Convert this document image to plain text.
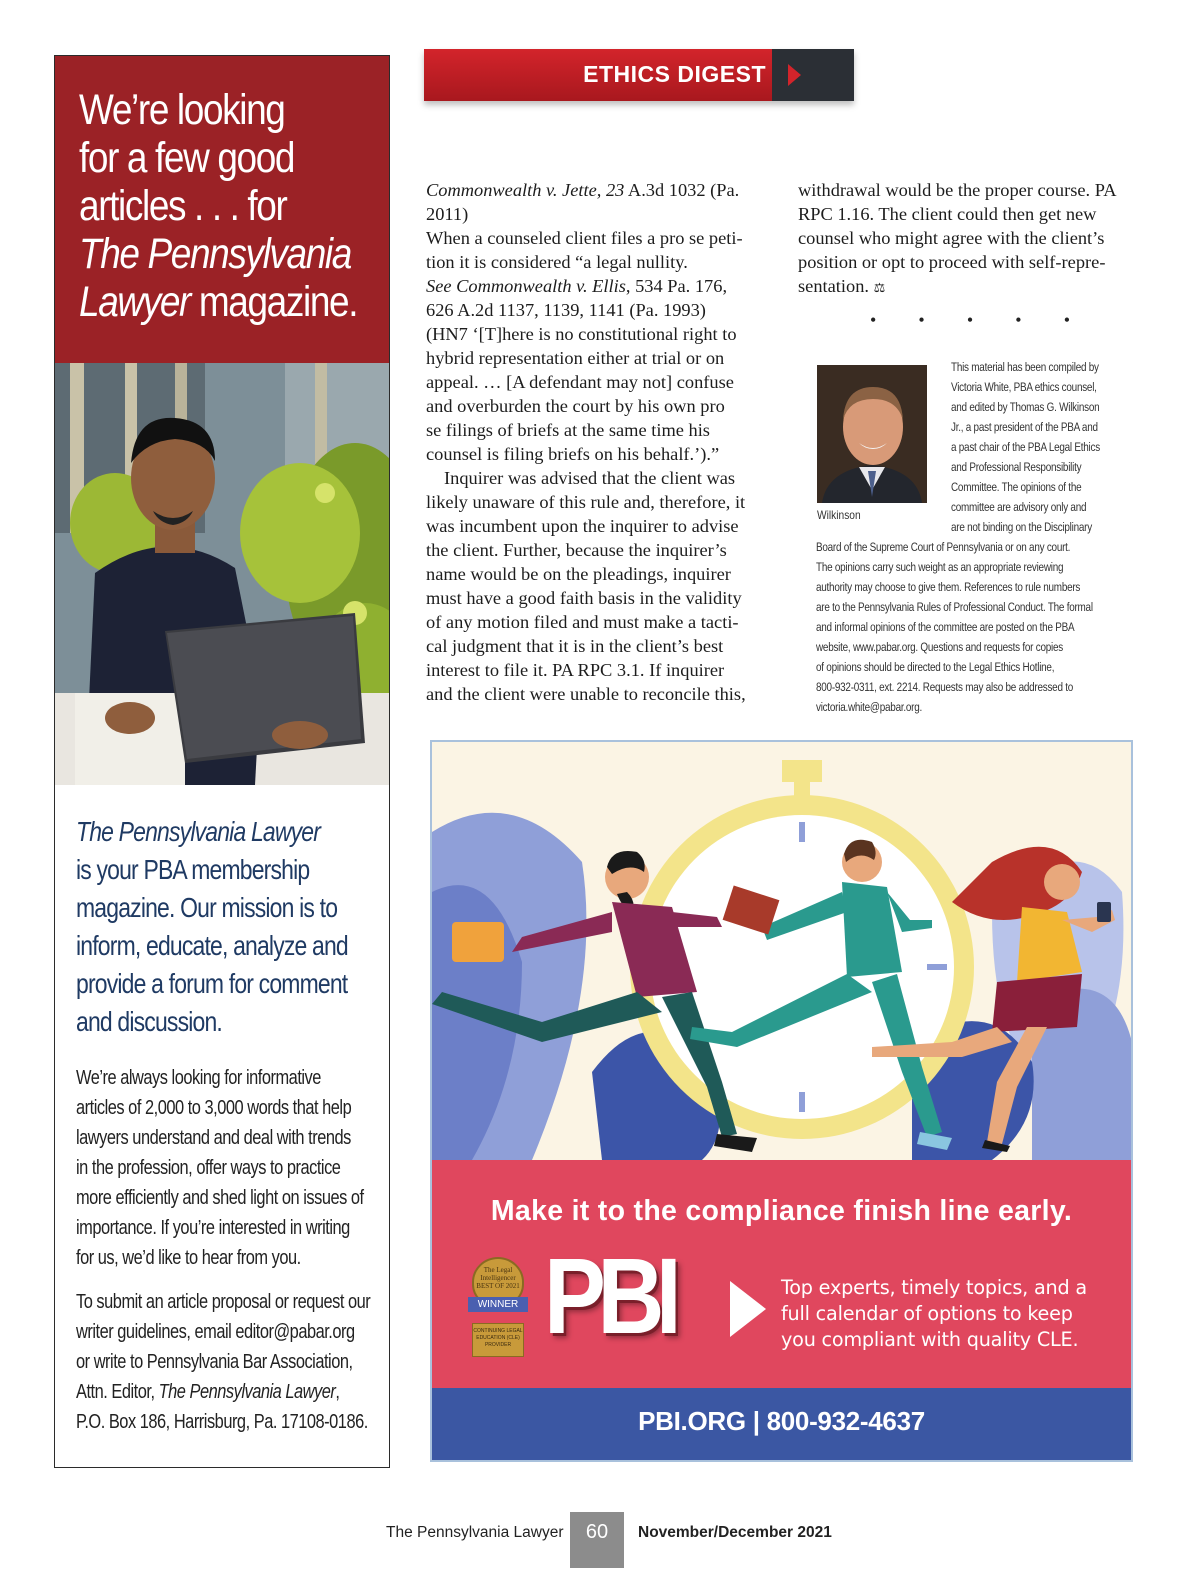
We’re looking
for a few good
articles . . . for
The Pennsylvania
Lawyer magazine.
The Pennsylvania Lawyer
is your PBA membership
magazine. Our mission is to
inform, educate, analyze and
provide a forum for comment
and discussion.
We’re always looking for informative
articles of 2,000 to 3,000 words that help
lawyers understand and deal with trends
in the profession, offer ways to practice
more efficiently and shed light on issues of
importance. If you’re interested in writing
for us, we’d like to hear from you.
To submit an article proposal or request our
writer guidelines, email editor@pabar.org
or write to Pennsylvania Bar Association,
Attn. Editor, The Pennsylvania Lawyer,
P.O. Box 186, Harrisburg, Pa. 17108-0186.
ETHICS DIGEST
Commonwealth v. Jette, 23 A.3d 1032 (Pa.
2011)
When a counseled client files a pro se peti-
tion it is considered “a legal nullity.
See Commonwealth v. Ellis, 534 Pa. 176,
626 A.2d 1137, 1139, 1141 (Pa. 1993)
(HN7 ‘[T]here is no constitutional right to
hybrid representation either at trial or on
appeal. … [A defendant may not] confuse
and overburden the court by his own pro
se filings of briefs at the same time his
counsel is filing briefs on his behalf.’).”
Inquirer was advised that the client was
likely unaware of this rule and, therefore, it
was incumbent upon the inquirer to advise
the client. Further, because the inquirer’s
name would be on the pleadings, inquirer
must have a good faith basis in the validity
of any motion filed and must make a tacti-
cal judgment that it is in the client’s best
interest to file it. PA RPC 3.1. If inquirer
and the client were unable to reconcile this,
withdrawal would be the proper course. PA
RPC 1.16. The client could then get new
counsel who might agree with the client’s
position or opt to proceed with self-repre-
sentation. ⚖
• • • • •
Wilkinson
This material has been compiled by
Victoria White, PBA ethics counsel,
and edited by Thomas G. Wilkinson
Jr., a past president of the PBA and
a past chair of the PBA Legal Ethics
and Professional Responsibility
Committee. The opinions of the
committee are advisory only and
are not binding on the Disciplinary
Board of the Supreme Court of Pennsylvania or on any court.
The opinions carry such weight as an appropriate reviewing
authority may choose to give them. References to rule numbers
are to the Pennsylvania Rules of Professional Conduct. The formal
and informal opinions of the committee are posted on the PBA
website, www.pabar.org. Questions and requests for copies
of opinions should be directed to the Legal Ethics Hotline,
800-932-0311, ext. 2214. Requests may also be addressed to
victoria.white@pabar.org.
Make it to the compliance finish line early.
The Legal Intelligencer
BEST OF 2021
WINNER
CONTINUING LEGAL EDUCATION (CLE) PROVIDER PBI	Top experts, timely topics, and a full calendar of options to keep you compliant with quality CLE.
PBI.ORG | 800-932-4637
The Pennsylvania Lawyer	60	November/December 2021
